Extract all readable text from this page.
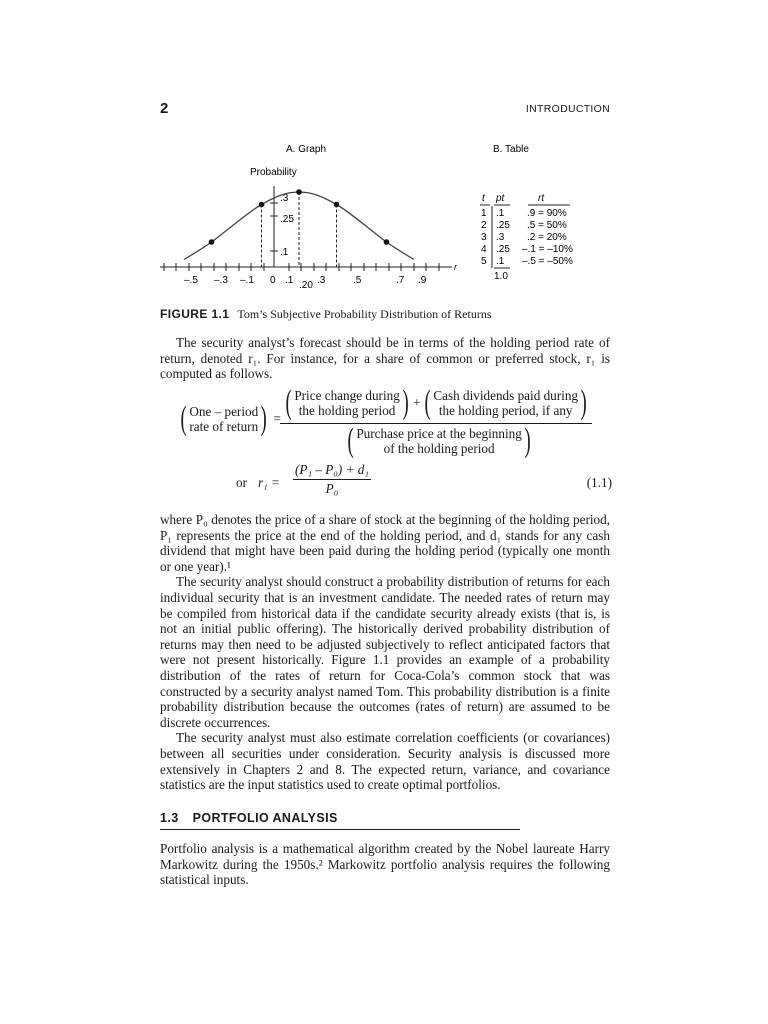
2	INTRODUCTION
A. Graph	B. Table
Probability
r
.3
.25
.1
–.5 –.3 –.1 0 .1 .20 .3	.5	.7 .9
t pt	rt
1 .1 .9 = 90%
2 .25 .5 = 50%
3 .3 .2 = 20%
4 .25 –.1 = –10%
5 .1 –.5 = –50%
1.0
FIGURE 1.1 Tom’s Subjective Probability Distribution of Returns

The security analyst’s forecast should be in terms of the holding period rate of return, denoted r₁. For instance, for a share of common or preferred stock, r₁ is computed as follows.

( One – period
rate of return ) = ( Price change during
the holding period ) + ( Cash dividends paid during
the holding period, if any )
( Purchase price at the beginning
of the holding period )
or r₁ =
(P₁ – P₀) + d₁
P₀	(1.1)

where P₀ denotes the price of a share of stock at the beginning of the holding period, P₁ represents the price at the end of the holding period, and d₁ stands for any cash dividend that might have been paid during the holding period (typically one month or one year).¹

The security analyst should construct a probability distribution of returns for each individual security that is an investment candidate. The needed rates of return may be compiled from historical data if the candidate security already exists (that is, is not an initial public offering). The historically derived probability distribution of returns may then need to be adjusted subjectively to reflect anticipated factors that were not present historically. Figure 1.1 provides an example of a probability distribution of the rates of return for Coca-Cola’s common stock that was constructed by a security analyst named Tom. This probability distribution is a finite probability distribution because the outcomes (rates of return) are assumed to be discrete occurrences.

The security analyst must also estimate correlation coefficients (or covariances) between all securities under consideration. Security analysis is discussed more extensively in Chapters 2 and 8. The expected return, variance, and covariance statistics are the input statistics used to create optimal portfolios.

1.3 PORTFOLIO ANALYSIS

Portfolio analysis is a mathematical algorithm created by the Nobel laureate Harry Markowitz during the 1950s.² Markowitz portfolio analysis requires the following statistical inputs.
